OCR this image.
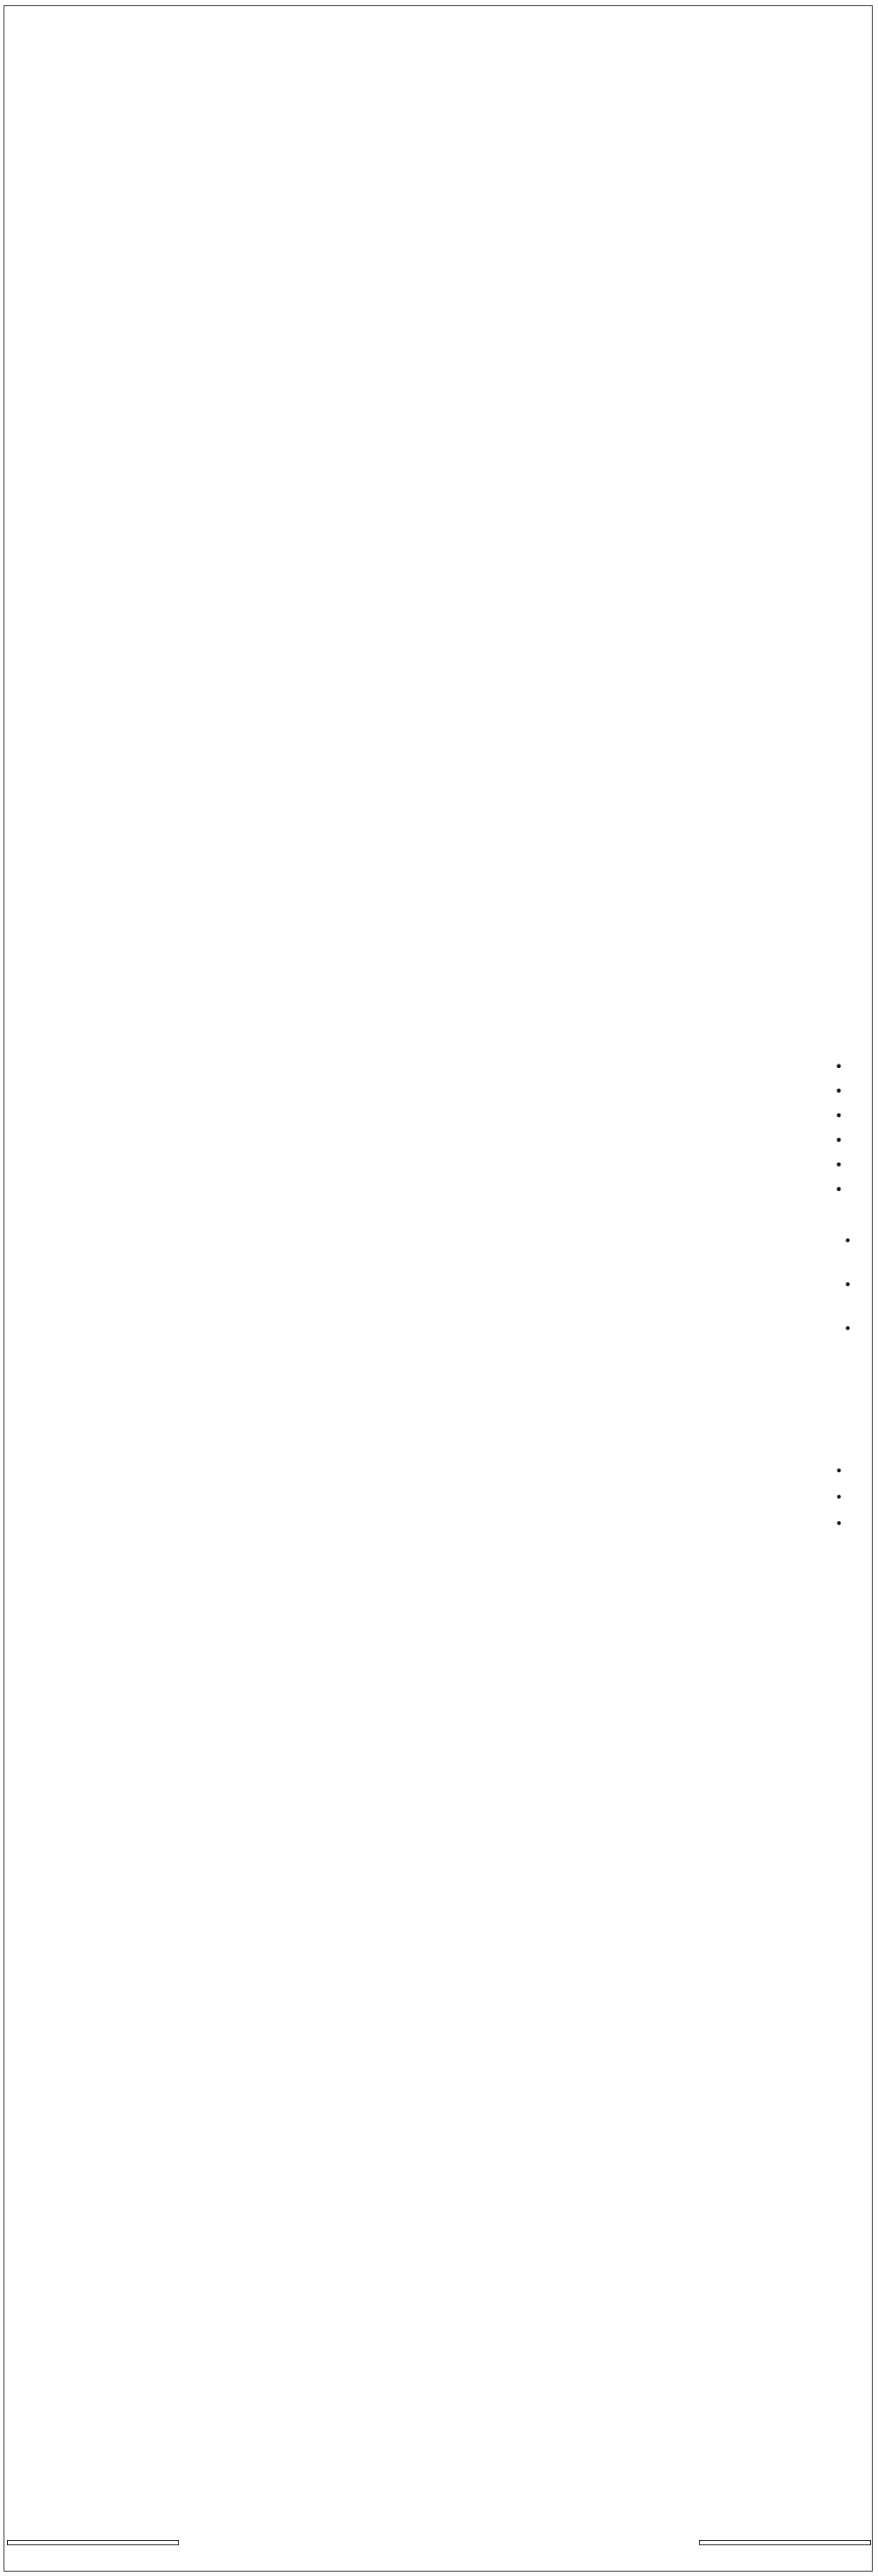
•
•
•
•
•
•
•
•
•
•
•
•
